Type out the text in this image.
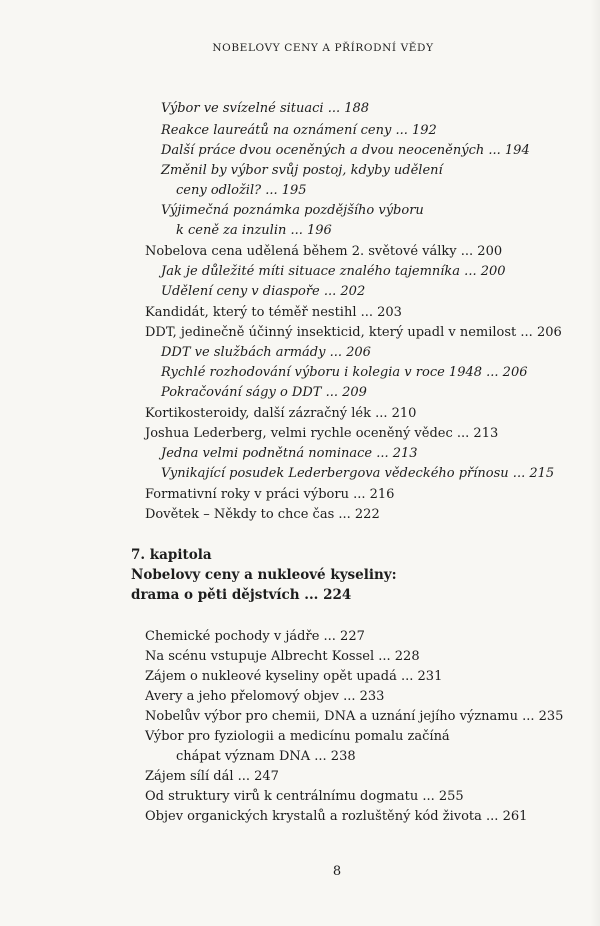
NOBELOVY CENY A PŘÍRODNÍ VĚDY
Výbor ve svízelné situaci ... 188
Reakce laureátů na oznámení ceny ... 192
Další práce dvou oceněných a dvou neoceněných ... 194
Změnil by výbor svůj postoj, kdyby udělení
ceny odložil? ... 195
Výjimečná poznámka pozdějšího výboru
k ceně za inzulin ... 196
Nobelova cena udělená během 2. světové války ... 200
Jak je důležité míti situace znalého tajemníka ... 200
Udělení ceny v diaspoře ... 202
Kandidát, který to téměř nestihl ... 203
DDT, jedinečně účinný insekticid, který upadl v nemilost ... 206
DDT ve službách armády ... 206
Rychlé rozhodování výboru i kolegia v roce 1948 ... 206
Pokračování ságy o DDT ... 209
Kortikosteroidy, další zázračný lék ... 210
Joshua Lederberg, velmi rychle oceněný vědec ... 213
Jedna velmi podnětná nominace ... 213
Vynikající posudek Lederbergova vědeckého přínosu ... 215
Formativní roky v práci výboru ... 216
Dovětek – Někdy to chce čas ... 222
7. kapitola
Nobelovy ceny a nukleové kyseliny:
drama o pěti dějstvích ... 224
Chemické pochody v jádře ... 227
Na scénu vstupuje Albrecht Kossel ... 228
Zájem o nukleové kyseliny opět upadá ... 231
Avery a jeho přelomový objev ... 233
Nobelův výbor pro chemii, DNA a uznání jejího významu ... 235
Výbor pro fyziologii a medicínu pomalu začíná
chápat význam DNA ... 238
Zájem sílí dál ... 247
Od struktury virů k centrálnímu dogmatu ... 255
Objev organických krystalů a rozluštěný kód života ... 261
8
